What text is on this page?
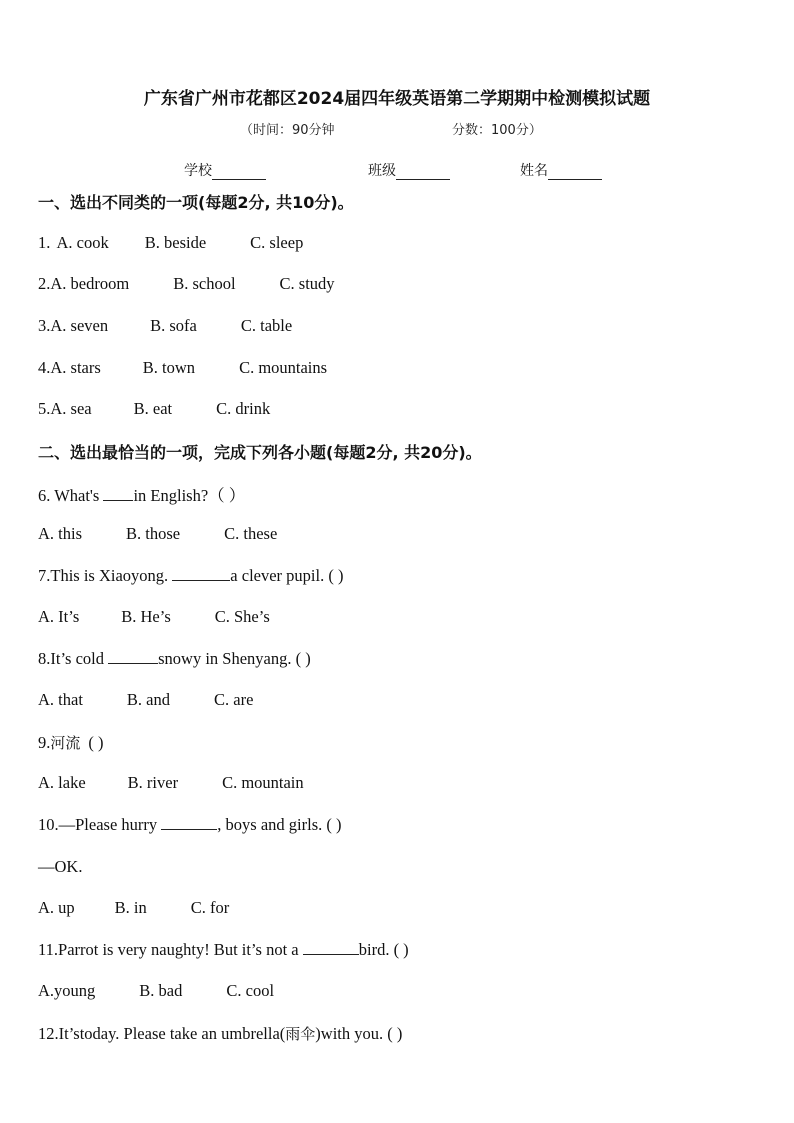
广东省广州市花都区2024届四年级英语第二学期期中检测模拟试题
（时间：90分钟	分数：100分）
学校	班级	姓名
一、选出不同类的一项(每题2分, 共10分)。
1. A. cook B. beside	C. sleep
2.A. bedroom	B. school	C. study
3.A. seven	B. sofa	C. table
4.A. stars	B. town	C. mountains
5.A. sea	B. eat	C. drink
二、选出最恰当的一项，完成下列各小题(每题2分, 共20分)。
6. What's in English?（ ）
A. this	B. those	C. these
7.This is Xiaoyong.	a clever pupil. ( )
A. It’s	B. He’s	C. She’s
8.It’s cold	snowy in Shenyang. ( )
A. that	B. and	C. are
9.河流 ( )
A. lake	B. river	C. mountain
10.—Please hurry	, boys and girls. ( )
—OK.
A. up B. in	C. for
11.Parrot is very naughty! But it’s not a	bird. ( )
A.young	B. bad	C. cool
12.It’stoday. Please take an umbrella(雨伞)with you. ( )
